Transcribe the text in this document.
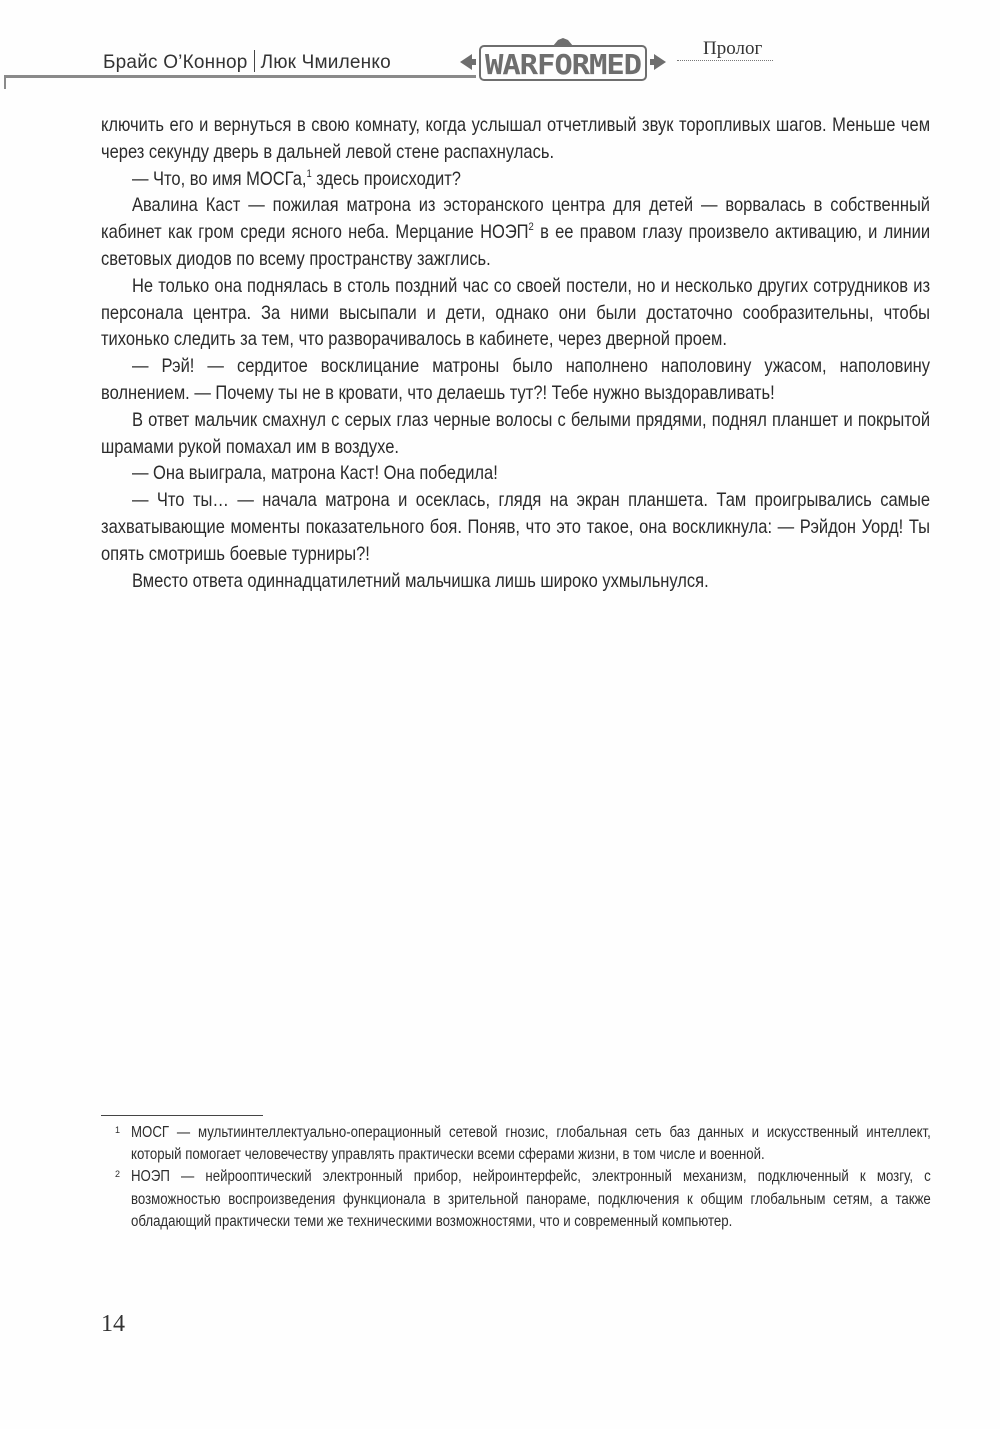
Брайс О’Коннор Люк Чмиленко	WARFORMED	Пролог

ключить его и вернуться в свою комнату, когда услышал отчетливый звук торопливых шагов. Меньше чем через секунду дверь в дальней левой стене распахнулась.

— Что, во имя МОСГа,$^1$ здесь происходит?

Авалина Каст — пожилая матрона из эсторанского центра для детей — ворвалась в собственный кабинет как гром среди ясного неба. Мерцание НОЭП$^2$ в ее правом глазу произвело активацию, и линии световых диодов по всему пространству зажглись.

Не только она поднялась в столь поздний час со своей постели, но и несколько других сотрудников из персонала центра. За ними высыпали и дети, однако они были достаточно сообразительны, чтобы тихонько следить за тем, что разворачивалось в кабинете, через дверной проем.

— Рэй! — сердитое восклицание матроны было наполнено наполовину ужасом, наполовину волнением. — Почему ты не в кровати, что делаешь тут?! Тебе нужно выздоравливать!

В ответ мальчик смахнул с серых глаз черные волосы с белыми прядями, поднял планшет и покрытой шрамами рукой помахал им в воздухе.

— Она выиграла, матрона Каст! Она победила!

— Что ты… — начала матрона и осеклась, глядя на экран планшета. Там проигрывались самые захватывающие моменты показательного боя. Поняв, что это такое, она воскликнула: — Рэйдон Уорд! Ты опять смотришь боевые турниры?!

Вместо ответа одиннадцатилетний мальчишка лишь широко ухмыльнулся.

1 МОСГ — мультиинтеллектуально-операционный сетевой гнозис, глобальная сеть баз данных и искусственный интеллект, который помогает человечеству управлять практически всеми сферами жизни, в том числе и военной.
2 НОЭП — нейрооптический электронный прибор, нейроинтерфейс, электронный механизм, подключенный к мозгу, с возможностью воспроизведения функционала в зрительной панораме, подключения к общим глобальным сетям, а также обладающий практически теми же техническими возможностями, что и современный компьютер.
14
